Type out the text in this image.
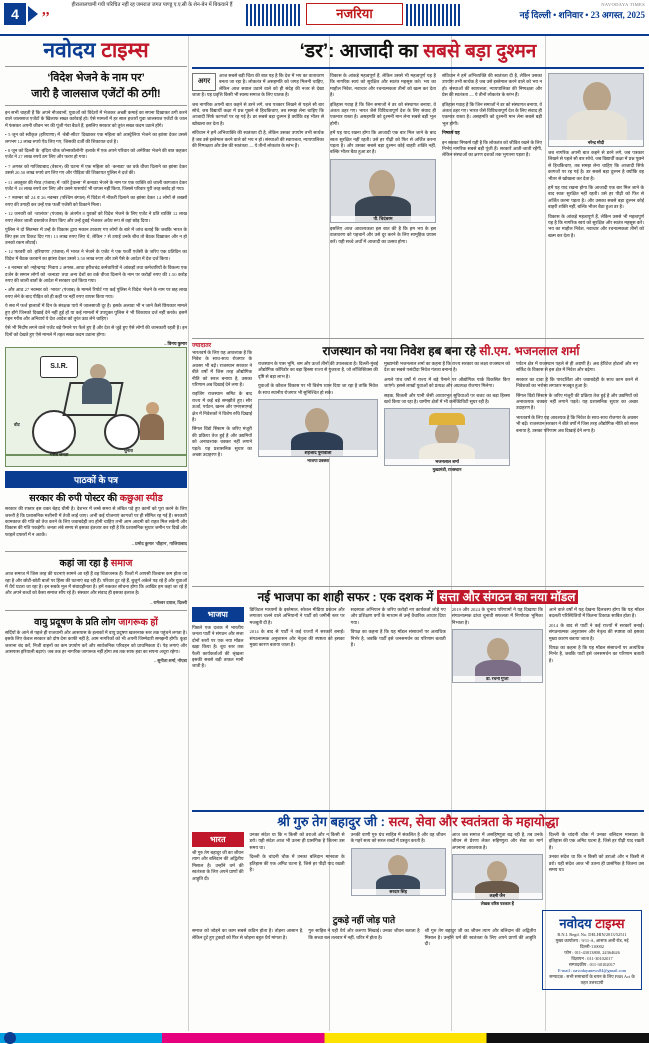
4	,,	हीरालालचामी गयी परिचित नहीं रह जमराज जगत पाण्डू ए.ए.सी के शेन-बेन में बिकवाने हैं
नजरिया
NAVODAYA TIMES
नई दिल्ली • शनिवार • 23 अगस्त, 2025
नवोदय टाइम्स
‘विदेश भेजने के नाम पर’
जारी है जालसाज एजेंटों की ठगी!

इन सभी चाहती हैं कि अपने नौजवानों, युवाओं को विदेशों में भेजकर अच्छी कमाई का सपना दिखाकर ठगी करने वाले जालसाज एजेंटों के खिलाफ सख्त कार्रवाई हो। ऐसे मामलों में हर साल हजारों युवा जालसाज एजेंटों के जाल में फंसकर अपनी जीवन भर की पूंजी गंवा बैठते हैं, इसलिए सरकार को तुरंत सख्त कदम उठाने होंगे।

• 5 जून को स्वीकृत (हरियाणा) में ‘बेबी-सीटा’ दिखाकर एक महिला को आस्ट्रेलिया भेजने का झांसा देकर उससे लगभग 12 लाख रुपये ऐंठ लिए गए, जिसकी दर्जी की शिकायत दर्ज है।

• 8 जून को दिल्ली के ‘इंदिरा चौक जोन्सकॉलोनी’ इलाके में एक अपने परिवार को अमेरिका भेजने की बात कहकर एजेंट ने 27 लाख रुपये ठग लिए और फरार हो गया।

• 7 अगस्त को गाजियाबाद (वेस्टन) की घटना में एक महिला को ‘कनाडा’ का वर्क वीजा दिलाने का झांसा देकर उससे 20.50 लाख रुपये ठग लिए गए और पीड़िता की शिकायत पुलिस ने दर्ज की।

• 11 अक्तूबर की मेरठ (पंजाब) में ‘कोरे ट्रेवल्स’ में कनाडा भेजने के नाम पर एक व्यक्ति को जाली कागजात देकर एजेंट ने 18 लाख रुपये ठग लिए और उसने पासपोर्ट भी वापस नहीं किया, जिससे परिवार पूरी तरह बर्बाद हो गया।

• 7 नवम्बर को 24 व 26 नवम्बर (पश्चिम बंगाल) में विदेश में नौकरी दिलाने का झांसा देकर 14 लोगों से शख्सों रुपए की उगाही कर उन्हें एक फर्जी एजेंसी को ठिकाने मिला।

• 12 जनवरी को ‘जालंधर’ (पंजाब) के अंतर्गत 8 युवकों को विदेश भेजने के लिए एजेंट ने प्रति व्यक्ति 12 लाख रुपए लेकर जाली दस्तावेज तैयार किए और उन्हें दुबई भेजकर अवैध रूप से वहां छोड़ दिया।

पुलिस ने दो सितम्बर में उन्हें के विकास द्वारा मकान टरकाए गए लोगों के बारे में जांच बताई कि जबकि भारत के लिए इस उप टिकट दिए गए। 13 लाख रुपए लिए थे, लेकिन 7 से उपाई उनके बीच तो बैठक दिखाकर और न हो उनको रकम लौटाई।

• 12 फरवरी को ‘हरियाणा’ (पंजाब) में भारत ने भेजने के एजेंट ने एक फर्जी एजेंसी के जरिए एक प्रतिदिन का विदेश में बैठक करवाने का झांसा देकर उससे 3.50 लाख रुपए और उसे पैसे के आदेश में देश दर्ज किया।

• 8 नवम्बर को ‘महेन्द्रगढ़’ निवाय 2 अगस्त–आधा हरीशचंद्र कर्मचारियों ने आंकड़ों तथा कर्मचारियों के विकल्प एक दर्जन के समान लोगों को ‘कनाडा’ तथा अन्य देशों का वर्क वीजा दिलाने के नाम पर करोड़ों रुपए की 1.50 करोड़ रुपए की जाली बातों के आदेश में सरकार दर्ज किया गया।

• और आठ 27 नवम्बर को ‘भारत’ (पंजाब) के मामले रिपोर्ट गए कई पुलिस ने विदेश भेजने के नाम पर छह लाख रुपए लेने के बाद पीड़ित को ही कहीं पर नहीं रुपए वापस किया गया।

ये सब में फर्ज हालातों में दिन के संरक्षक पाये में जालसाजी दूर है। इसके अलावा भी न जाने कैसे छिपकार मामले हुए होंगे जिनको दिखाई देने नहीं हुई हों या कई मामलों में उपयुक्त पुलिस ने भी शिकायत दर्ज नहीं करके। इसमें गहन गरीब और अनिवार्य ये देश आदेश को तुरंत उठा लेने चाहिए।

ऐसे भी निर्दोष लगने वाले एजेंट बड़े पैमाने पर फैले हुए हैं और देश से जुड़े हुए ऐसे लोगों की जानकारी रहती है। इन दिनों को देखते हुए ऐसे मामले में तहत सख्त कदम उठाना होगा।

– विनय कुमार
S.I.R.
वोट
चुनाव
गरीब जनता
पाठकों के पत्र
सरकार की रुपी पोस्टर की कछुआ स्पीड

सरकार की रफ्तार इस वक्त बेहद धीमी है। देशभर में लम्बे समय से लंबित पड़े हुए कामों को पूरा करने के लिए जरूरी है कि प्रशासनिक मशीनरी में तेजी लाई जाए। अभी कई योजनाएं कागजों पर ही सीमित रह गई हैं। सरकारी कामकाज की गति को तेज करने के लिए जवाबदेही तय होनी चाहिए तभी आम आदमी को राहत मिल सकेगी और विकास की गति पकड़ेगी। जनता लंबे समय से इसका इंतजार कर रही है कि प्रशासनिक सुधार जमीन पर दिखें और फाइलें दफ्तरों में न अटकें।

– प्रमोद कुमार 'चौहान', गाजियाबाद
कहां जा रहा है समाज

आज समाज में जिस तरह की घटनाएं सामने आ रही हैं वह चिंताजनक हैं। रिश्तों में आपसी विश्वास कम होता जा रहा है और छोटी-छोटी बातों पर हिंसा की घटनाएं बढ़ रही हैं। परिवार टूट रहे हैं, बुजुर्ग अकेले पड़ रहे हैं और युवाओं में धैर्य घटता जा रहा है। इन सबके मूल में संवादहीनता है। हमें रुककर सोचना होगा कि आखिर हम कहां जा रहे हैं और अपने बच्चों को कैसा समाज सौंप रहे हैं। संस्कार और संवाद ही इसका इलाज है।

– रामेश्वर दयाल, दिल्ली
वायु प्रदूषण के प्रति लोग जागरूक हों

सर्दियों के आने से पहले ही राजधानी और आसपास के इलाकों में वायु प्रदूषण खतरनाक स्तर तक पहुंचने लगता है। इसके लिए केवल सरकार को दोष देना काफी नहीं है, आम नागरिकों को भी अपनी जिम्मेदारी समझनी होगी। कूड़ा जलाना बंद करें, निजी वाहनों का कम उपयोग करें और सार्वजनिक परिवहन को प्राथमिकता दें। पेड़ लगाएं और आसपास हरियाली बढ़ाएं। जब तक हर नागरिक जागरूक नहीं होगा तब तक साफ हवा का सपना अधूरा रहेगा।

– सुनीता शर्मा, नोएडा
‘डर’: आजादी का सबसे बड़ा दुश्मन
अगर

आज सबसे बड़ी चिंता की बात यह है कि देश में भय का वातावरण बनता जा रहा है। लोकतंत्र में असहमति को जगह मिलनी चाहिए, लेकिन आज सवाल उठाने वाले को ही संदेह की नजर से देखा जाता है। यह प्रवृत्ति किसी भी स्वस्थ समाज के लिए घातक है।

जब नागरिक अपनी बात कहने से डरने लगे, जब पत्रकार लिखने से पहले सौ बार सोचे, जब विद्यार्थी कक्षा में प्रश्न पूछने से हिचकिचाए, तब समझ लेना चाहिए कि आजादी सिर्फ कागजों पर रह गई है। डर सबसे बड़ा दुश्मन है क्योंकि वह भीतर से खोखला कर देता है।

संविधान ने हमें अभिव्यक्ति की स्वतंत्रता दी है, लेकिन उसका उपयोग तभी सार्थक है जब उसे इस्तेमाल करने वाले को भय न हो। संस्थाओं की स्वायत्तता, न्यायपालिका की निष्पक्षता और प्रेस की स्वतंत्रता — ये तीनों लोकतंत्र के स्तंभ हैं।

विकास के आंकड़े महत्वपूर्ण हैं, लेकिन उससे भी महत्वपूर्ण यह है कि नागरिक स्वयं को सुरक्षित और स्वतंत्र महसूस करे। भय का माहौल निवेश, नवाचार और रचनात्मकता तीनों को खत्म कर देता है।

इतिहास गवाह है कि जिन समाजों ने डर को संस्थागत बनाया, वे अंततः ठहर गए। भारत जैसे विविधतापूर्ण देश के लिए संवाद ही एकमात्र रास्ता है। असहमति को दुश्मनी मान लेना सबसे बड़ी भूल होगी।

हमें यह याद रखना होगा कि आजादी एक बार मिल जाने के बाद स्वतः सुरक्षित नहीं रहती। उसे हर पीढ़ी को फिर से अर्जित करना पड़ता है। और उसका सबसे बड़ा दुश्मन कोई बाहरी शक्ति नहीं, बल्कि भीतर बैठा हुआ डर है।

पी. चिदंबरम

इसलिए आज आवश्यकता इस बात की है कि हम भय के इस वातावरण को पहचानें और उसे दूर करने के लिए सामूहिक प्रयास करें। यही सच्चे अर्थों में आजादी का उत्सव होगा।

संविधान ने हमें अभिव्यक्ति की स्वतंत्रता दी है, लेकिन उसका उपयोग तभी सार्थक है जब उसे इस्तेमाल करने वाले को भय न हो। संस्थाओं की स्वायत्तता, न्यायपालिका की निष्पक्षता और प्रेस की स्वतंत्रता — ये तीनों लोकतंत्र के स्तंभ हैं।

इतिहास गवाह है कि जिन समाजों ने डर को संस्थागत बनाया, वे अंततः ठहर गए। भारत जैसे विविधतापूर्ण देश के लिए संवाद ही एकमात्र रास्ता है। असहमति को दुश्मनी मान लेना सबसे बड़ी भूल होगी।

निष्कर्ष यह

इन सबका निष्कर्ष यही है कि लोकतंत्र को जीवित रखने के लिए निर्भय नागरिक सबसे बड़ी पूंजी हैं। सरकारें आती-जाती रहेंगी, लेकिन संस्थाओं का क्षरण दशकों तक भुगतना पड़ता है।

नरेन्द्र मोदी

जब नागरिक अपनी बात कहने से डरने लगे, जब पत्रकार लिखने से पहले सौ बार सोचे, जब विद्यार्थी कक्षा में प्रश्न पूछने से हिचकिचाए, तब समझ लेना चाहिए कि आजादी सिर्फ कागजों पर रह गई है। डर सबसे बड़ा दुश्मन है क्योंकि वह भीतर से खोखला कर देता है।

हमें यह याद रखना होगा कि आजादी एक बार मिल जाने के बाद स्वतः सुरक्षित नहीं रहती। उसे हर पीढ़ी को फिर से अर्जित करना पड़ता है। और उसका सबसे बड़ा दुश्मन कोई बाहरी शक्ति नहीं, बल्कि भीतर बैठा हुआ डर है।

विकास के आंकड़े महत्वपूर्ण हैं, लेकिन उससे भी महत्वपूर्ण यह है कि नागरिक स्वयं को सुरक्षित और स्वतंत्र महसूस करे। भय का माहौल निवेश, नवाचार और रचनात्मकता तीनों को खत्म कर देता है।

ज्यादातर

भारतवर्ष के लिए यह आवश्यक है कि निवेश के साथ-साथ रोजगार के अवसर भी बढ़ें। राजस्थान सरकार ने बीते वर्षों में जिस तरह औद्योगिक नीति को सरल बनाया है, उसका परिणाम अब दिखाई देने लगा है।

राइजिंग राजस्थान समिट के बाद राज्य में कई बड़े समझौते हुए। सौर ऊर्जा, पर्यटन, खनन और एमएसएमई क्षेत्र में निवेशकों ने विशेष रुचि दिखाई है।

सिंगल विंडो सिस्टम के जरिए मंजूरी की प्रक्रिया तेज हुई है और उद्यमियों को अनावश्यक चक्कर नहीं लगाने पड़ते। यह प्रशासनिक सुधार का अच्छा उदाहरण है।

राजस्थान को नया निवेश हब बना रहे सी.एम. भजनलाल शर्मा

राजस्थान के पास भूमि, श्रम और ऊर्जा तीनों की उपलब्धता है। दिल्ली-मुंबई औद्योगिक कॉरिडोर का बड़ा हिस्सा राज्य से गुजरता है, जो लॉजिस्टिक्स की दृष्टि से बड़ा लाभ है।

युवाओं के कौशल विकास पर भी विशेष ध्यान दिया जा रहा है ताकि निवेश के साथ स्थानीय रोजगार भी सुनिश्चित हो सके।

शहजाद पूनावाला
भाजपा प्रवक्ता

मुख्यमंत्री भजनलाल शर्मा का कहना है कि राज्य सरकार का लक्ष्य राजस्थान को देश का सबसे पसंदीदा निवेश गंतव्य बनाना है।

अगले पांच वर्षों में राज्य में बड़े पैमाने पर औद्योगिक पार्क विकसित किए जाएंगे। इससे लाखों युवाओं को प्रत्यक्ष और अप्रत्यक्ष रोजगार मिलेगा।

सड़क, बिजली और पानी जैसी आधारभूत सुविधाओं पर बजट का बड़ा हिस्सा खर्च किया जा रहा है। ग्रामीण क्षेत्रों में भी कनेक्टिविटी सुधर रही है।

भजनलाल शर्मा
मुख्यमंत्री, राजस्थान

पर्यटन क्षेत्र में राजस्थान पहले से ही अग्रणी है। अब हेरिटेज होटलों और नए सर्किट के विकास से इस क्षेत्र में निवेश और बढ़ेगा।

सरकार का दावा है कि पारदर्शिता और जवाबदेही के साथ काम करने से निवेशकों का भरोसा लगातार मजबूत हुआ है।

सिंगल विंडो सिस्टम के जरिए मंजूरी की प्रक्रिया तेज हुई है और उद्यमियों को अनावश्यक चक्कर नहीं लगाने पड़ते। यह प्रशासनिक सुधार का अच्छा उदाहरण है।

भारतवर्ष के लिए यह आवश्यक है कि निवेश के साथ-साथ रोजगार के अवसर भी बढ़ें। राजस्थान सरकार ने बीते वर्षों में जिस तरह औद्योगिक नीति को सरल बनाया है, उसका परिणाम अब दिखाई देने लगा है।

नई भाजपा का शाही सफर : एक दशक में सत्ता और संगठन का नया मॉडल
भाजपा

पिछले एक दशक में भारतीय जनता पार्टी ने संगठन और सत्ता दोनों स्तरों पर एक नया मॉडल खड़ा किया है। बूथ स्तर तक फैली कार्यकर्ताओं की श्रृंखला इसकी सबसे बड़ी ताकत मानी जाती है।

डिजिटल माध्यमों के इस्तेमाल, सोशल मीडिया प्रबंधन और लगातार चलने वाले अभियानों ने पार्टी को जमीनी स्तर पर मजबूती दी है।

2014 के बाद से पार्टी ने कई राज्यों में सरकारें बनाईं। संगठनात्मक अनुशासन और नेतृत्व की स्पष्टता को इसका मुख्य कारण बताया जाता है।

सदस्यता अभियान के जरिए करोड़ों नए कार्यकर्ता जोड़े गए और प्रशिक्षण वर्गों के माध्यम से उन्हें वैचारिक आधार दिया गया।

विपक्ष का कहना है कि यह मॉडल संसाधनों पर अत्यधिक निर्भर है, जबकि पार्टी इसे जनसमर्थन का परिणाम बताती है।

2019 और 2024 के चुनाव परिणामों ने यह दिखाया कि संगठनात्मक ढांचा चुनावी सफलता में निर्णायक भूमिका निभाता है।

डा. रचना गुप्ता

आने वाले वर्षों में यह देखना दिलचस्प होगा कि यह मॉडल बदलती परिस्थितियों में कितना टिकाऊ साबित होता है।

2014 के बाद से पार्टी ने कई राज्यों में सरकारें बनाईं। संगठनात्मक अनुशासन और नेतृत्व की स्पष्टता को इसका मुख्य कारण बताया जाता है।

विपक्ष का कहना है कि यह मॉडल संसाधनों पर अत्यधिक निर्भर है, जबकि पार्टी इसे जनसमर्थन का परिणाम बताती है।

श्री गुरु तेग बहादुर जी : सत्य, सेवा और स्वतंत्रता के महायोद्धा
भारत

श्री गुरु तेग बहादुर जी का जीवन त्याग और बलिदान की अद्वितीय मिसाल है। उन्होंने धर्म की स्वतंत्रता के लिए अपने प्राणों की आहुति दी।

उनका संदेश था कि न किसी को डराओ और न किसी से डरो। यही संदेश आज भी उतना ही प्रासंगिक है जितना उस समय था।

दिल्ली के चांदनी चौक में उनका बलिदान मानवता के इतिहास की एक अमिट घटना है, जिसे हर पीढ़ी याद रखती है।

उनकी वाणी गुरु ग्रंथ साहिब में संकलित है और वह जीवन के गहरे सत्य को सरल शब्दों में प्रस्तुत करती है।

सरदार सिंह

आज जब समाज में असहिष्णुता बढ़ रही है, तब उनके जीवन से प्रेरणा लेकर सहिष्णुता और सेवा का मार्ग अपनाना आवश्यक है।

लक्ष्मी जैन
लेखक वरिष्ठ पत्रकार हैं

दिल्ली के चांदनी चौक में उनका बलिदान मानवता के इतिहास की एक अमिट घटना है, जिसे हर पीढ़ी याद रखती है।

उनका संदेश था कि न किसी को डराओ और न किसी से डरो। यही संदेश आज भी उतना ही प्रासंगिक है जितना उस समय था।

टुकड़े नहीं जोड़ पाते

समाज को जोड़ने का काम सबसे कठिन होता है। तोड़ना आसान है, लेकिन टूटे हुए टुकड़ों को फिर से जोड़ना बहुत धैर्य मांगता है।

गुरु साहिब ने यही धैर्य और करुणा सिखाई। उनका जीवन बताता है कि सच्चा बल तलवार में नहीं, चरित्र में होता है।

श्री गुरु तेग बहादुर जी का जीवन त्याग और बलिदान की अद्वितीय मिसाल है। उन्होंने धर्म की स्वतंत्रता के लिए अपने प्राणों की आहुति दी।

नवोदय टाइम्स
R.N.I. Regd. No. DELHIN/2013/52511
मुख्य कार्यालय : 9/11-A, आसफ अली रोड, नई दिल्ली-110002
फोन : 011-43013800, 24364626
विज्ञापन : 011-30102017
सम्पादकीय : 011-30102017
E-mail : navodayanews84@gmail.com
सम्पादक : सभी समाचारों के चयन के लिए PRB Act के तहत उत्तरदायी
